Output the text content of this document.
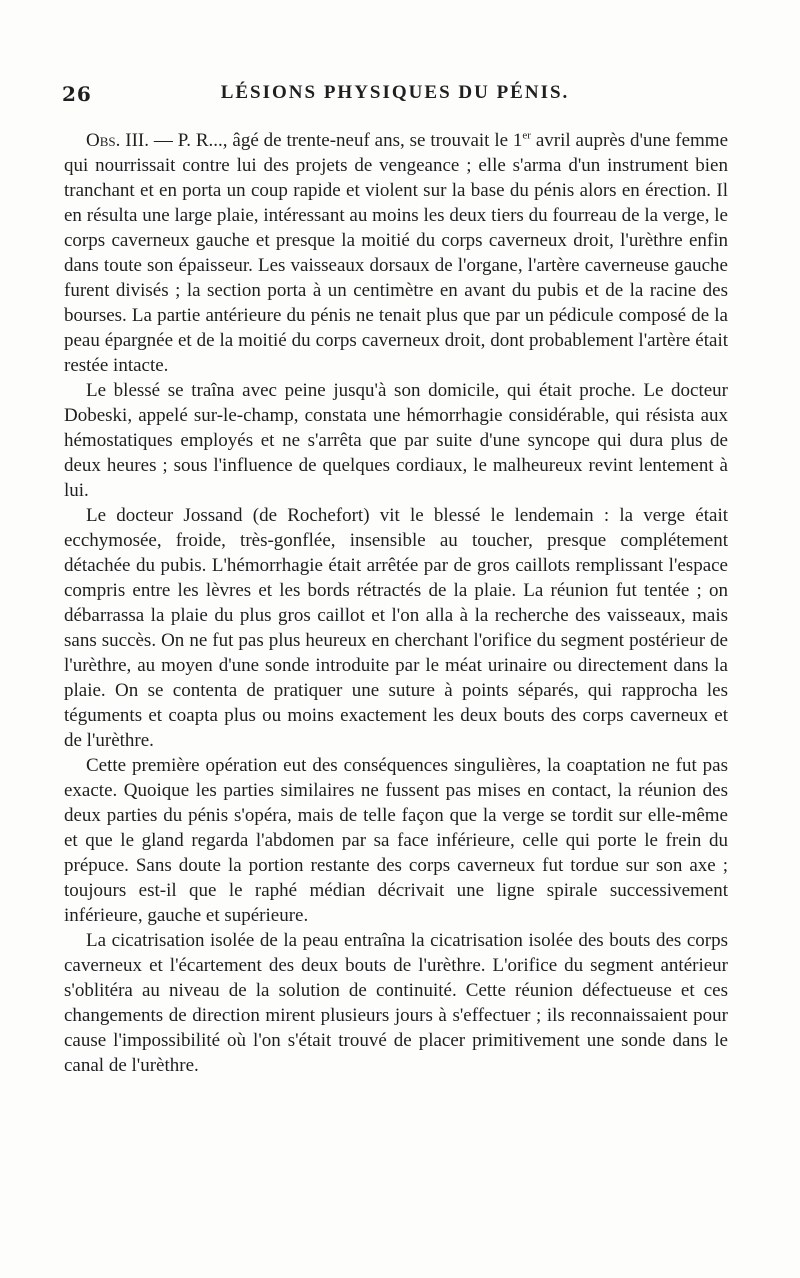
26	LÉSIONS PHYSIQUES DU PÉNIS.

Obs. III. — P. R..., âgé de trente-neuf ans, se trouvait le 1er avril auprès d'une femme qui nourrissait contre lui des projets de vengeance ; elle s'arma d'un instrument bien tranchant et en porta un coup rapide et violent sur la base du pénis alors en érection. Il en résulta une large plaie, intéressant au moins les deux tiers du fourreau de la verge, le corps caverneux gauche et presque la moitié du corps caverneux droit, l'urèthre enfin dans toute son épaisseur. Les vaisseaux dorsaux de l'organe, l'artère caverneuse gauche furent divisés ; la section porta à un centimètre en avant du pubis et de la racine des bourses. La partie antérieure du pénis ne tenait plus que par un pédicule composé de la peau épargnée et de la moitié du corps caverneux droit, dont probablement l'artère était restée intacte.

Le blessé se traîna avec peine jusqu'à son domicile, qui était proche. Le docteur Dobeski, appelé sur-le-champ, constata une hémorrhagie considérable, qui résista aux hémostatiques employés et ne s'arrêta que par suite d'une syncope qui dura plus de deux heures ; sous l'influence de quelques cordiaux, le malheureux revint lentement à lui.

Le docteur Jossand (de Rochefort) vit le blessé le lendemain : la verge était ecchymosée, froide, très-gonflée, insensible au toucher, presque complétement détachée du pubis. L'hémorrhagie était arrêtée par de gros caillots remplissant l'espace compris entre les lèvres et les bords rétractés de la plaie. La réunion fut tentée ; on débarrassa la plaie du plus gros caillot et l'on alla à la recherche des vaisseaux, mais sans succès. On ne fut pas plus heureux en cherchant l'orifice du segment postérieur de l'urèthre, au moyen d'une sonde introduite par le méat urinaire ou directement dans la plaie. On se contenta de pratiquer une suture à points séparés, qui rapprocha les téguments et coapta plus ou moins exactement les deux bouts des corps caverneux et de l'urèthre.

Cette première opération eut des conséquences singulières, la coaptation ne fut pas exacte. Quoique les parties similaires ne fussent pas mises en contact, la réunion des deux parties du pénis s'opéra, mais de telle façon que la verge se tordit sur elle-même et que le gland regarda l'abdomen par sa face inférieure, celle qui porte le frein du prépuce. Sans doute la portion restante des corps caverneux fut tordue sur son axe ; toujours est-il que le raphé médian décrivait une ligne spirale successivement inférieure, gauche et supérieure.

La cicatrisation isolée de la peau entraîna la cicatrisation isolée des bouts des corps caverneux et l'écartement des deux bouts de l'urèthre. L'orifice du segment antérieur s'oblitéra au niveau de la solution de continuité. Cette réunion défectueuse et ces changements de direction mirent plusieurs jours à s'effectuer ; ils reconnaissaient pour cause l'impossibilité où l'on s'était trouvé de placer primitivement une sonde dans le canal de l'urèthre.
